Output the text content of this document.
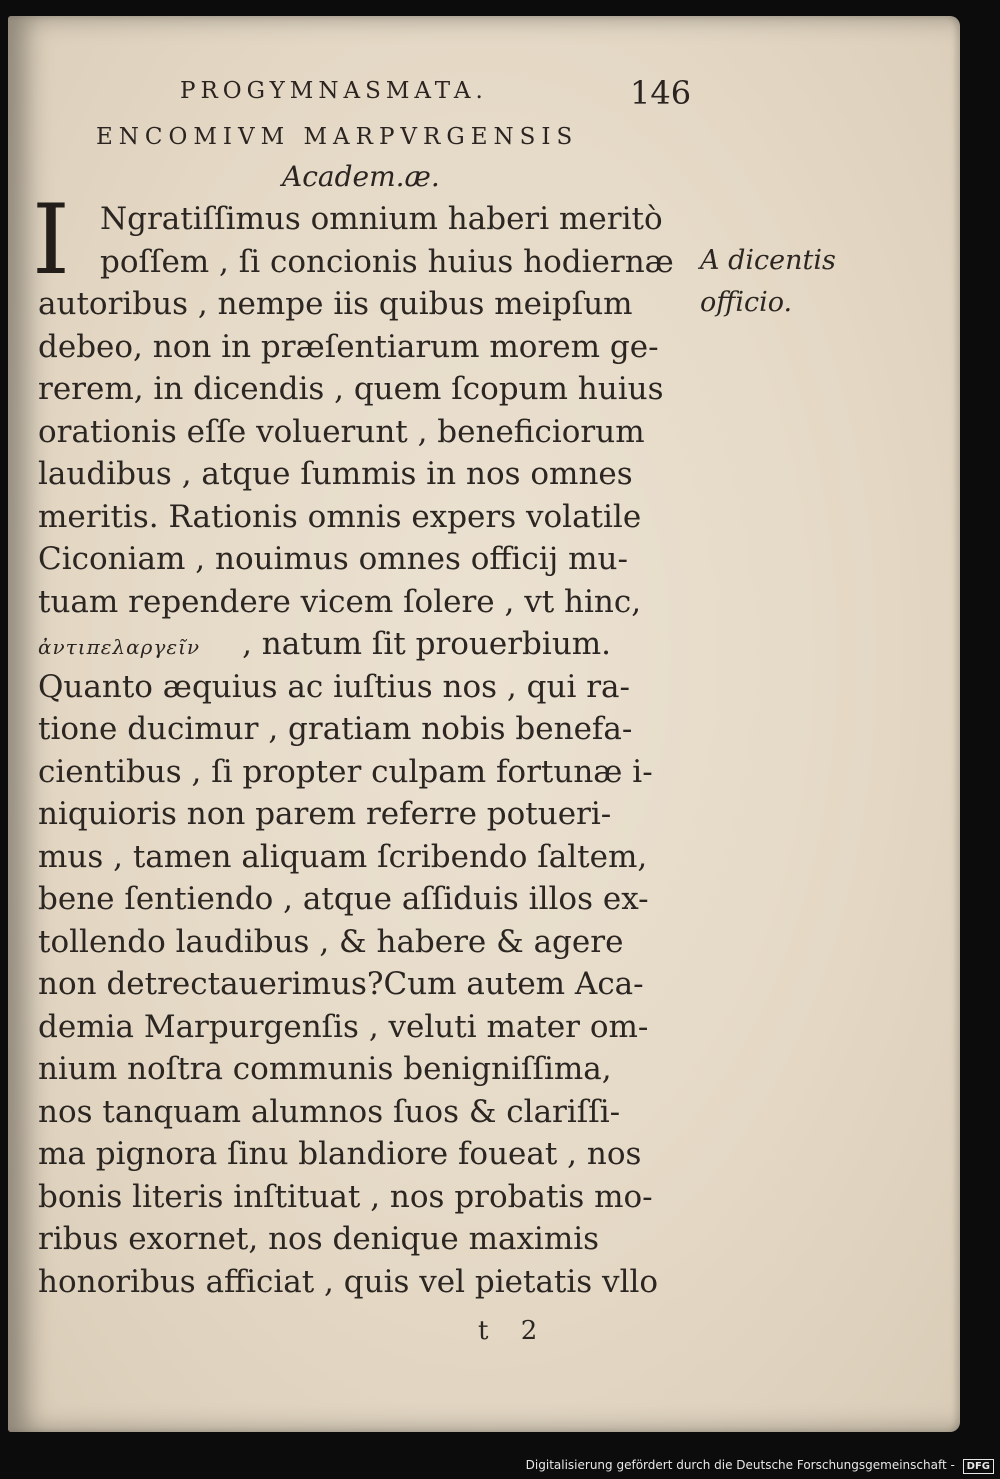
PROGYMNASMATA.	146
ENCOMIVM MARPVRGENSIS
Academ.æ.
I Ngratiſſimus omnium haberi meritò
poſſem , ſi concionis huius hodiernæ
autoribus , nempe iis quibus meipſum
debeo, non in præſentiarum morem ge-
rerem, in dicendis , quem ſcopum huius
orationis eſſe voluerunt , beneficiorum
laudibus , atque ſummis in nos omnes
meritis. Rationis omnis expers volatile
Ciconiam , nouimus omnes officij mu-
tuam rependere vicem ſolere , vt hinc,
ἀντιπελαργεῖν , natum ſit prouerbium.
Quanto æquius ac iuſtius nos , qui ra-
tione ducimur , gratiam nobis benefa-
cientibus , ſi propter culpam fortunæ i-
niquioris non parem referre potueri-
mus , tamen aliquam ſcribendo ſaltem,
bene ſentiendo , atque aſſiduis illos ex-
tollendo laudibus , & habere & agere
non detrectauerimus?Cum autem Aca-
demia Marpurgenſis , veluti mater om-
nium noſtra communis benigniſſima,
nos tanquam alumnos ſuos & clariſſi-
ma pignora ſinu blandiore foueat , nos
bonis literis inſtituat , nos probatis mo-
ribus exornet, nos denique maximis
honoribus afficiat , quis vel pietatis vllo
A dicentis
officio.
t 2
Digitalisierung gefördert durch die Deutsche Forschungsgemeinschaft - DFG
